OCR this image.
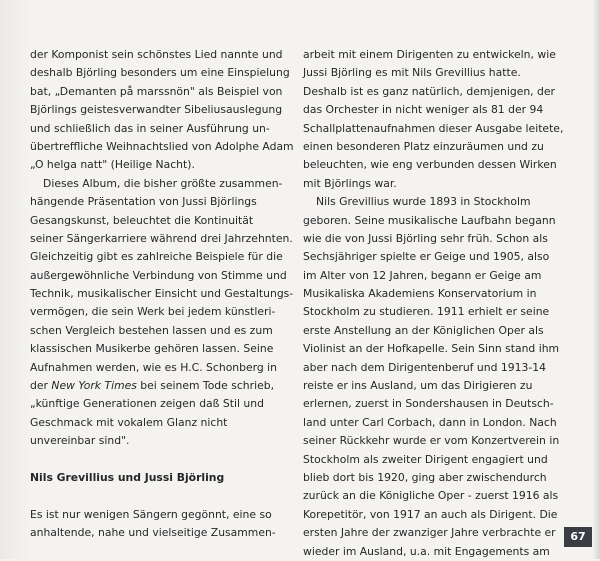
der Komponist sein schönstes Lied nannte und
deshalb Björling besonders um eine Einspielung
bat, „Demanten på marssnön" als Beispiel von
Björlings geistesverwandter Sibeliusauslegung
und schließlich das in seiner Ausführung un-
übertreffliche Weihnachtslied von Adolphe Adam
„O helga natt" (Heilige Nacht).
Dieses Album, die bisher größte zusammen-
hängende Präsentation von Jussi Björlings
Gesangskunst, beleuchtet die Kontinuität
seiner Sängerkarriere während drei Jahrzehnten.
Gleichzeitig gibt es zahlreiche Beispiele für die
außergewöhnliche Verbindung von Stimme und
Technik, musikalischer Einsicht und Gestaltungs-
vermögen, die sein Werk bei jedem künstleri-
schen Vergleich bestehen lassen und es zum
klassischen Musikerbe gehören lassen. Seine
Aufnahmen werden, wie es H.C. Schonberg in
der New York Times bei seinem Tode schrieb,
„künftige Generationen zeigen daß Stil und
Geschmack mit vokalem Glanz nicht unvereinbar sind".
Nils Grevillius und Jussi Björling
Es ist nur wenigen Sängern gegönnt, eine so
anhaltende, nahe und vielseitige Zusammen-
arbeit mit einem Dirigenten zu entwickeln, wie
Jussi Björling es mit Nils Grevillius hatte.
Deshalb ist es ganz natürlich, demjenigen, der
das Orchester in nicht weniger als 81 der 94
Schallplattenaufnahmen dieser Ausgabe leitete,
einen besonderen Platz einzuräumen und zu
beleuchten, wie eng verbunden dessen Wirken
mit Björlings war.
Nils Grevillius wurde 1893 in Stockholm
geboren. Seine musikalische Laufbahn begann
wie die von Jussi Björling sehr früh. Schon als
Sechsjähriger spielte er Geige und 1905, also
im Alter von 12 Jahren, begann er Geige am
Musikaliska Akademiens Konservatorium in
Stockholm zu studieren. 1911 erhielt er seine
erste Anstellung an der Königlichen Oper als
Violinist an der Hofkapelle. Sein Sinn stand ihm
aber nach dem Dirigentenberuf und 1913-14
reiste er ins Ausland, um das Dirigieren zu
erlernen, zuerst in Sondershausen in Deutsch-
land unter Carl Corbach, dann in London. Nach
seiner Rückkehr wurde er vom Konzertverein in
Stockholm als zweiter Dirigent engagiert und
blieb dort bis 1920, ging aber zwischendurch
zurück an die Königliche Oper - zuerst 1916 als
Korepetitör, von 1917 an auch als Dirigent. Die
ersten Jahre der zwanziger Jahre verbrachte er
wieder im Ausland, u.a. mit Engagements am
67
